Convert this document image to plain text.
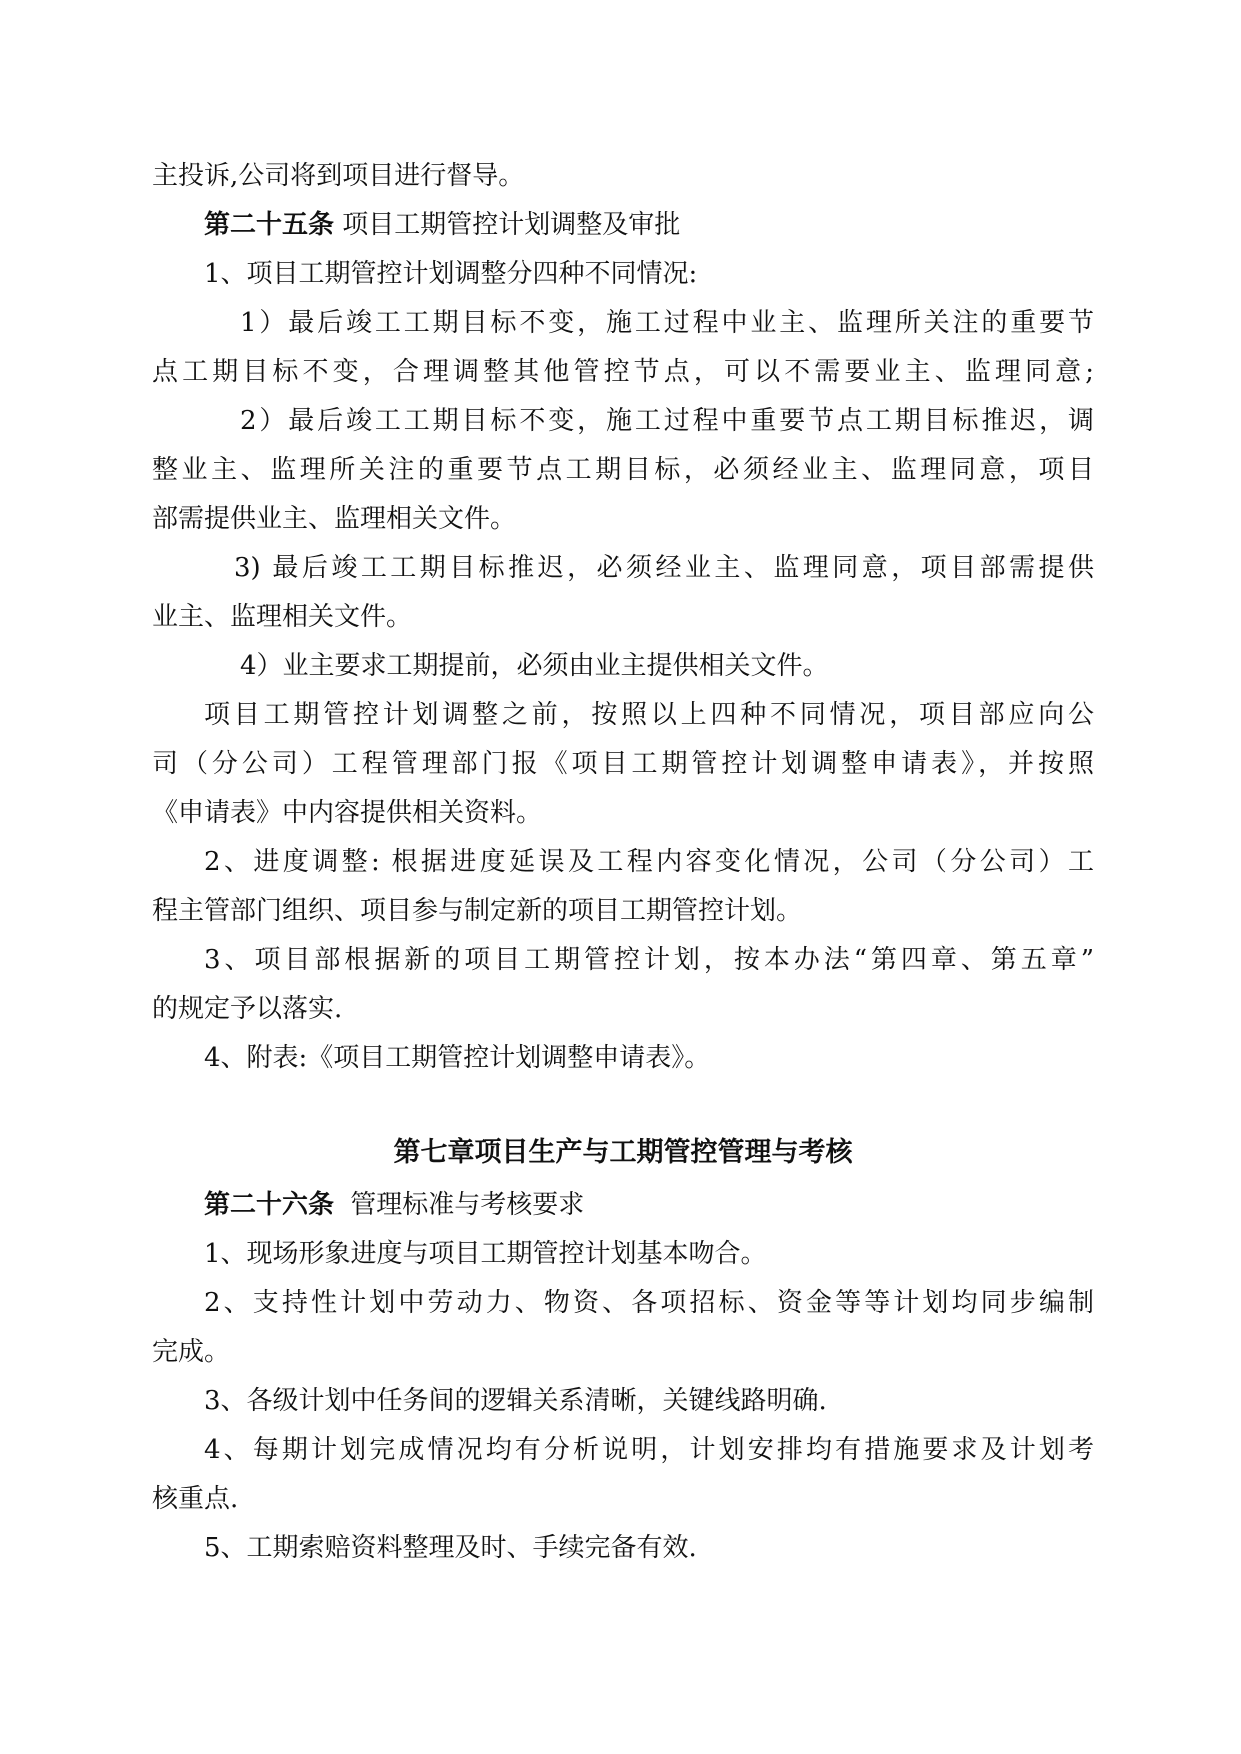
主投诉,公司将到项目进行督导。
第二十五条 项目工期管控计划调整及审批
1、项目工期管控计划调整分四种不同情况:
1）最后竣工工期目标不变，施工过程中业主、监理所关注的重要节
点工期目标不变，合理调整其他管控节点，可以不需要业主、监理同意;
2）最后竣工工期目标不变，施工过程中重要节点工期目标推迟，调
整业主、监理所关注的重要节点工期目标，必须经业主、监理同意，项目
部需提供业主、监理相关文件。
3) 最后竣工工期目标推迟，必须经业主、监理同意，项目部需提供
业主、监理相关文件。
4）业主要求工期提前，必须由业主提供相关文件。
项目工期管控计划调整之前，按照以上四种不同情况，项目部应向公
司（分公司）工程管理部门报《项目工期管控计划调整申请表》，并按照
《申请表》中内容提供相关资料。
2、进度调整: 根据进度延误及工程内容变化情况，公司（分公司）工
程主管部门组织、项目参与制定新的项目工期管控计划。
3、项目部根据新的项目工期管控计划，按本办法“第四章、第五章”
的规定予以落实.
4、附表:《项目工期管控计划调整申请表》。
第七章项目生产与工期管控管理与考核
第二十六条 管理标准与考核要求
1、现场形象进度与项目工期管控计划基本吻合。
2、支持性计划中劳动力、物资、各项招标、资金等等计划均同步编制
完成。
3、各级计划中任务间的逻辑关系清晰，关键线路明确.
4、每期计划完成情况均有分析说明，计划安排均有措施要求及计划考
核重点.
5、工期索赔资料整理及时、手续完备有效.
